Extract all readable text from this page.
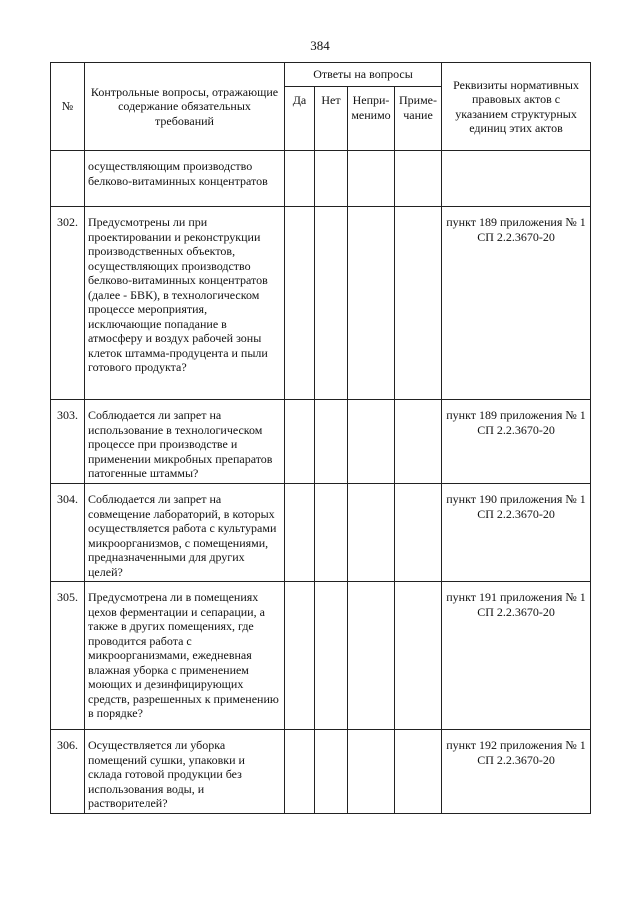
384
№	Контрольные вопросы, отражающие содержание обязательных требований	Ответы на вопросы				Реквизиты нормативных правовых актов с указанием структурных единиц этих актов
		Да	Нет	Непри-менимо	Приме-чание	
	осуществляющим производство белково-витаминных концентратов					
302.	Предусмотрены ли при проектировании и реконструкции производственных объектов, осуществляющих производство белково-витаминных концентратов (далее - БВК), в технологическом процессе мероприятия, исключающие попадание в атмосферу и воздух рабочей зоны клеток штамма-продуцента и пыли готового продукта?					пункт 189 приложения № 1 СП 2.2.3670-20
303.	Соблюдается ли запрет на использование в технологическом процессе при производстве и применении микробных препаратов патогенные штаммы?					пункт 189 приложения № 1 СП 2.2.3670-20
304.	Соблюдается ли запрет на совмещение лабораторий, в которых осуществляется работа с культурами микроорганизмов, с помещениями, предназначенными для других целей?					пункт 190 приложения № 1 СП 2.2.3670-20
305.	Предусмотрена ли в помещениях цехов ферментации и сепарации, а также в других помещениях, где проводится работа с микроорганизмами, ежедневная влажная уборка с применением моющих и дезинфицирующих средств, разрешенных к применению в порядке?					пункт 191 приложения № 1 СП 2.2.3670-20
306.	Осуществляется ли уборка помещений сушки, упаковки и склада готовой продукции без использования воды, и растворителей?					пункт 192 приложения № 1 СП 2.2.3670-20
